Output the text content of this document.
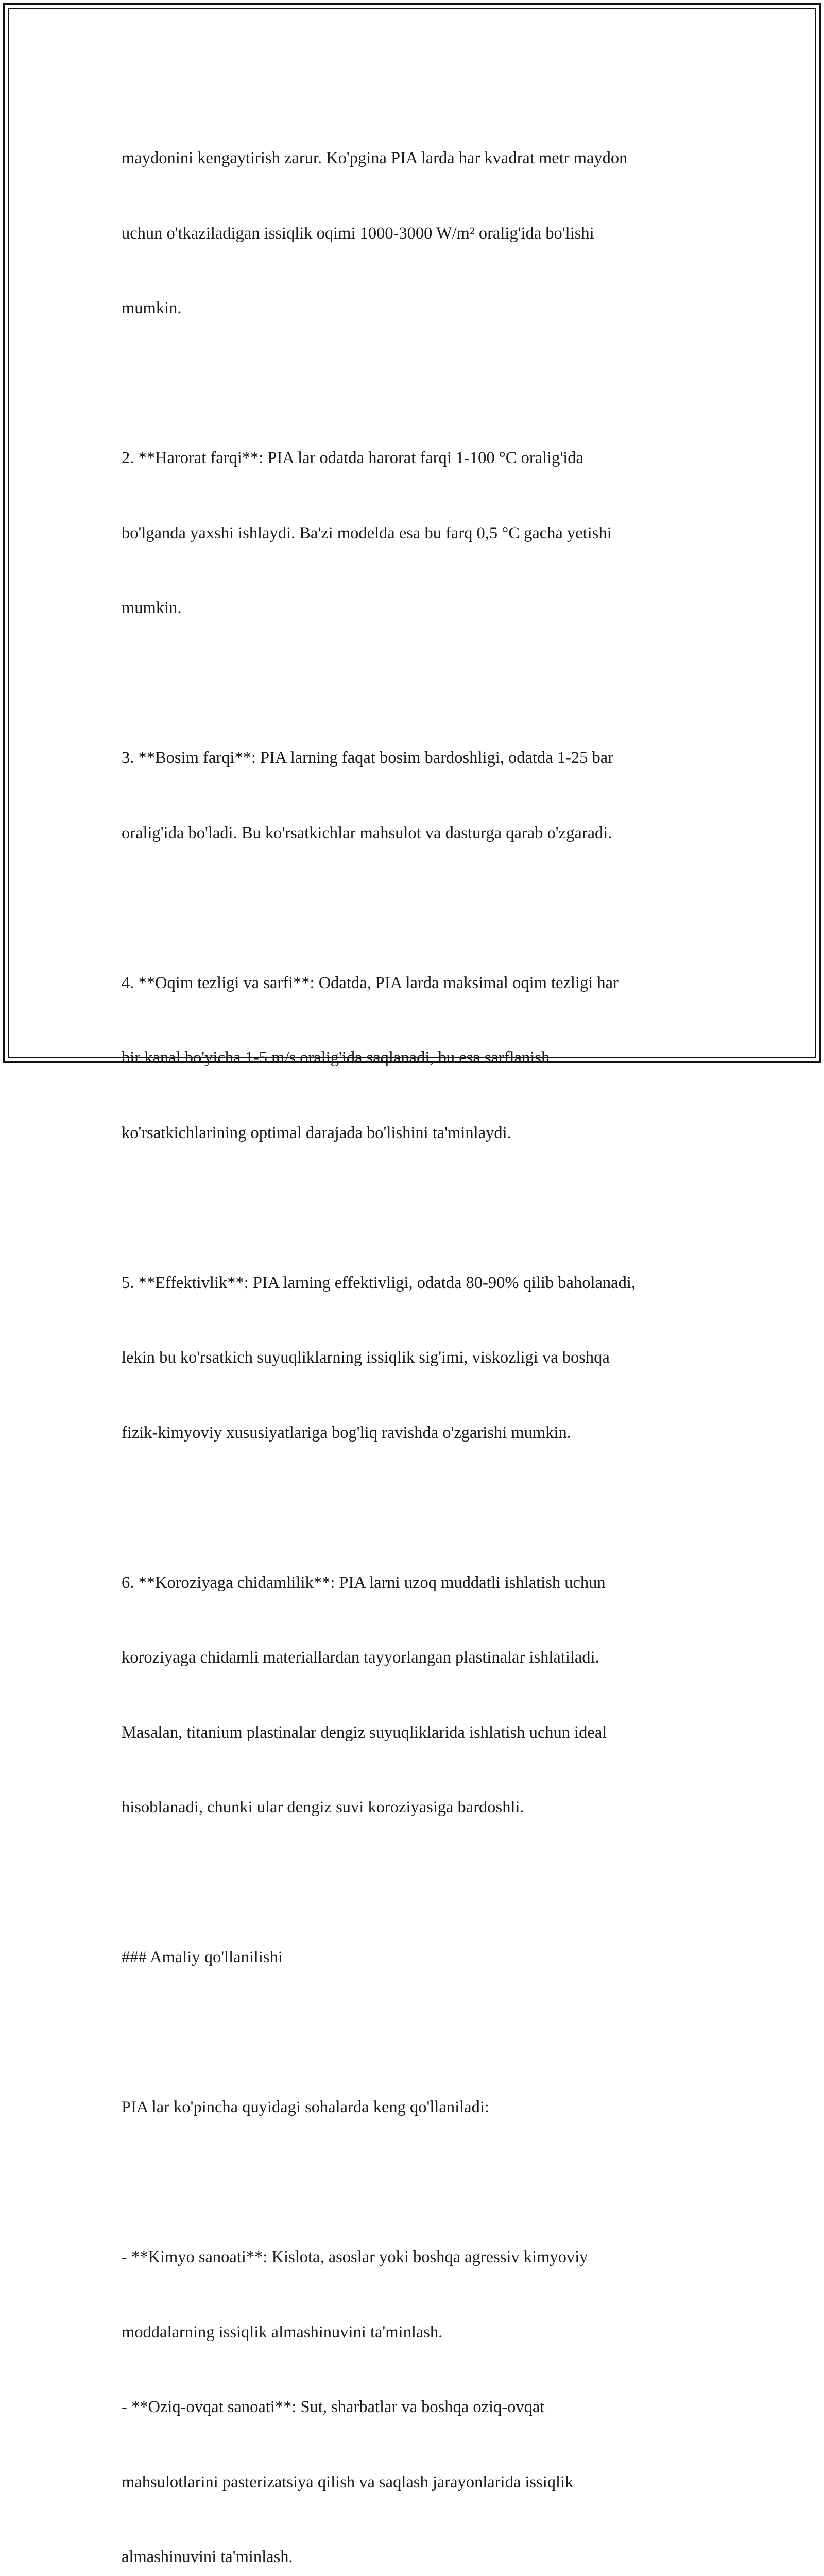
maydonini kengaytirish zarur. Ko'pgina PIA larda har kvadrat metr maydon

uchun o'tkaziladigan issiqlik oqimi 1000-3000 W/m² oralig'ida bo'lishi

mumkin.

2. **Harorat farqi**: PIA lar odatda harorat farqi 1-100 °C oralig'ida

bo'lganda yaxshi ishlaydi. Ba'zi modelda esa bu farq 0,5 °C gacha yetishi

mumkin.

3. **Bosim farqi**: PIA larning faqat bosim bardoshligi, odatda 1-25 bar

oralig'ida bo'ladi. Bu ko'rsatkichlar mahsulot va dasturga qarab o'zgaradi.

4. **Oqim tezligi va sarfi**: Odatda, PIA larda maksimal oqim tezligi har

bir kanal bo'yicha 1-5 m/s oralig'ida saqlanadi, bu esa sarflanish

ko'rsatkichlarining optimal darajada bo'lishini ta'minlaydi.

5. **Effektivlik**: PIA larning effektivligi, odatda 80-90% qilib baholanadi,

lekin bu ko'rsatkich suyuqliklarning issiqlik sig'imi, viskozligi va boshqa

fizik-kimyoviy xususiyatlariga bog'liq ravishda o'zgarishi mumkin.

6. **Koroziyaga chidamlilik**: PIA larni uzoq muddatli ishlatish uchun

koroziyaga chidamli materiallardan tayyorlangan plastinalar ishlatiladi.

Masalan, titanium plastinalar dengiz suyuqliklarida ishlatish uchun ideal

hisoblanadi, chunki ular dengiz suvi koroziyasiga bardoshli.

### Amaliy qo'llanilishi

PIA lar ko'pincha quyidagi sohalarda keng qo'llaniladi:

- **Kimyo sanoati**: Kislota, asoslar yoki boshqa agressiv kimyoviy

moddalarning issiqlik almashinuvini ta'minlash.

- **Oziq-ovqat sanoati**: Sut, sharbatlar va boshqa oziq-ovqat

mahsulotlarini pasterizatsiya qilish va saqlash jarayonlarida issiqlik

almashinuvini ta'minlash.
